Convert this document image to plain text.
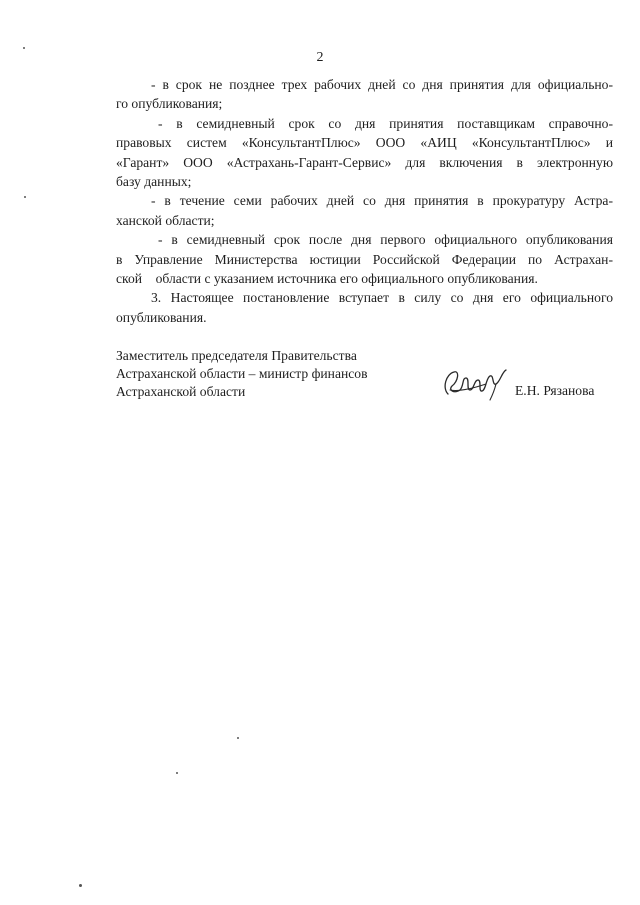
2
- в срок не позднее трех рабочих дней со дня принятия для официально-
го опубликования;
- в семидневный срок со дня принятия поставщикам справочно-
правовых систем «КонсультантПлюс» ООО «АИЦ «КонсультантПлюс» и
«Гарант» ООО «Астрахань-Гарант-Сервис» для включения в электронную
базу данных;
- в течение семи рабочих дней со дня принятия в прокуратуру Астра-
ханской области;
- в семидневный срок после дня первого официального опубликования
в Управление Министерства юстиции Российской Федерации по Астрахан-
ской    области с указанием источника его официального опубликования.
3. Настоящее постановление вступает в силу со дня его официального
опубликования.
Заместитель председателя Правительства
Астраханской области – министр финансов
Астраханской области	Е.Н. Рязанова
